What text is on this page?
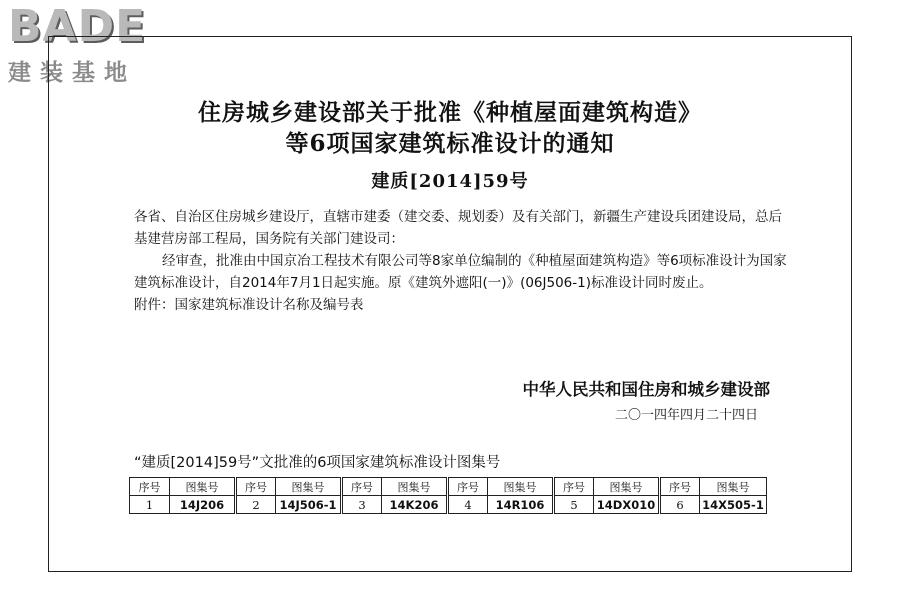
BADE
建装基地
住房城乡建设部关于批准《种植屋面建筑构造》
等6项国家建筑标准设计的通知
建质[2014]59号

各省、自治区住房城乡建设厅，直辖市建委（建交委、规划委）及有关部门，新疆生产建设兵团建设局，总后基建营房部工程局，国务院有关部门建设司：

经审查，批准由中国京冶工程技术有限公司等8家单位编制的《种植屋面建筑构造》等6项标准设计为国家建筑标准设计，自2014年7月1日起实施。原《建筑外遮阳(一)》(06J506-1)标准设计同时废止。

附件：国家建筑标准设计名称及编号表

中华人民共和国住房和城乡建设部
二〇一四年四月二十四日
“建质[2014]59号”文批准的6项国家建筑标准设计图集号
序号	图集号	序号	图集号	序号	图集号	序号	图集号	序号	图集号	序号	图集号
1	14J206	2	14J506-1	3	14K206	4	14R106	5	14DX010	6	14X505-1
